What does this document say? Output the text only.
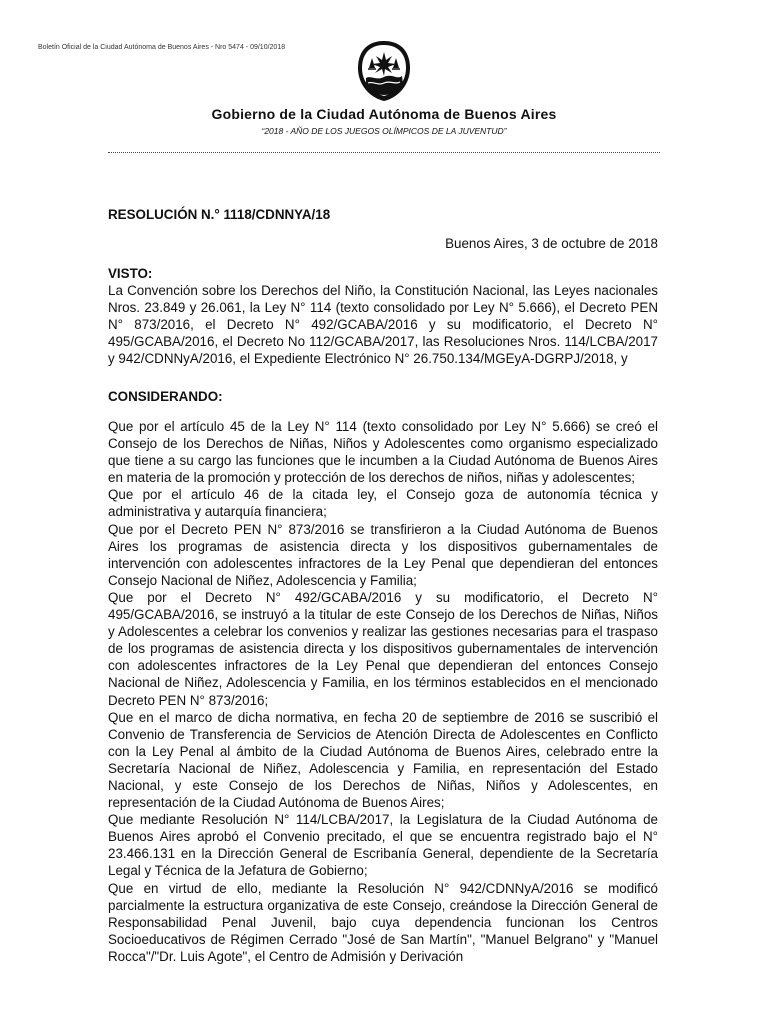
Boletín Oficial de la Ciudad Autónoma de Buenos Aires - Nro 5474 - 09/10/2018
Gobierno de la Ciudad Autónoma de Buenos Aires
“2018 - AÑO DE LOS JUEGOS OLÍMPICOS DE LA JUVENTUD”
RESOLUCIÓN N.° 1118/CDNNYA/18
Buenos Aires, 3 de octubre de 2018
VISTO:
La Convención sobre los Derechos del Niño, la Constitución Nacional, las Leyes nacionales Nros. 23.849 y 26.061, la Ley N° 114 (texto consolidado por Ley N° 5.666), el Decreto PEN N° 873/2016, el Decreto N° 492/GCABA/2016 y su modificatorio, el Decreto N° 495/GCABA/2016, el Decreto No 112/GCABA/2017, las Resoluciones Nros. 114/LCBA/2017 y 942/CDNNyA/2016, el Expediente Electrónico N° 26.750.134/MGEyA-DGRPJ/2018, y
CONSIDERANDO:

Que por el artículo 45 de la Ley N° 114 (texto consolidado por Ley N° 5.666) se creó el Consejo de los Derechos de Niñas, Niños y Adolescentes como organismo especializado que tiene a su cargo las funciones que le incumben a la Ciudad Autónoma de Buenos Aires en materia de la promoción y protección de los derechos de niños, niñas y adolescentes;

Que por el artículo 46 de la citada ley, el Consejo goza de autonomía técnica y administrativa y autarquía financiera;

Que por el Decreto PEN N° 873/2016 se transfirieron a la Ciudad Autónoma de Buenos Aires los programas de asistencia directa y los dispositivos gubernamentales de intervención con adolescentes infractores de la Ley Penal que dependieran del entonces Consejo Nacional de Niñez, Adolescencia y Familia;

Que por el Decreto N° 492/GCABA/2016 y su modificatorio, el Decreto N° 495/GCABA/2016, se instruyó a la titular de este Consejo de los Derechos de Niñas, Niños y Adolescentes a celebrar los convenios y realizar las gestiones necesarias para el traspaso de los programas de asistencia directa y los dispositivos gubernamentales de intervención con adolescentes infractores de la Ley Penal que dependieran del entonces Consejo Nacional de Niñez, Adolescencia y Familia, en los términos establecidos en el mencionado Decreto PEN N° 873/2016;

Que en el marco de dicha normativa, en fecha 20 de septiembre de 2016 se suscribió el Convenio de Transferencia de Servicios de Atención Directa de Adolescentes en Conflicto con la Ley Penal al ámbito de la Ciudad Autónoma de Buenos Aires, celebrado entre la Secretaría Nacional de Niñez, Adolescencia y Familia, en representación del Estado Nacional, y este Consejo de los Derechos de Niñas, Niños y Adolescentes, en representación de la Ciudad Autónoma de Buenos Aires;

Que mediante Resolución N° 114/LCBA/2017, la Legislatura de la Ciudad Autónoma de Buenos Aires aprobó el Convenio precitado, el que se encuentra registrado bajo el N° 23.466.131 en la Dirección General de Escribanía General, dependiente de la Secretaría Legal y Técnica de la Jefatura de Gobierno;

Que en virtud de ello, mediante la Resolución N° 942/CDNNyA/2016 se modificó parcialmente la estructura organizativa de este Consejo, creándose la Dirección General de Responsabilidad Penal Juvenil, bajo cuya dependencia funcionan los Centros Socioeducativos de Régimen Cerrado "José de San Martín", "Manuel Belgrano" y "Manuel Rocca"/"Dr. Luis Agote", el Centro de Admisión y Derivación
